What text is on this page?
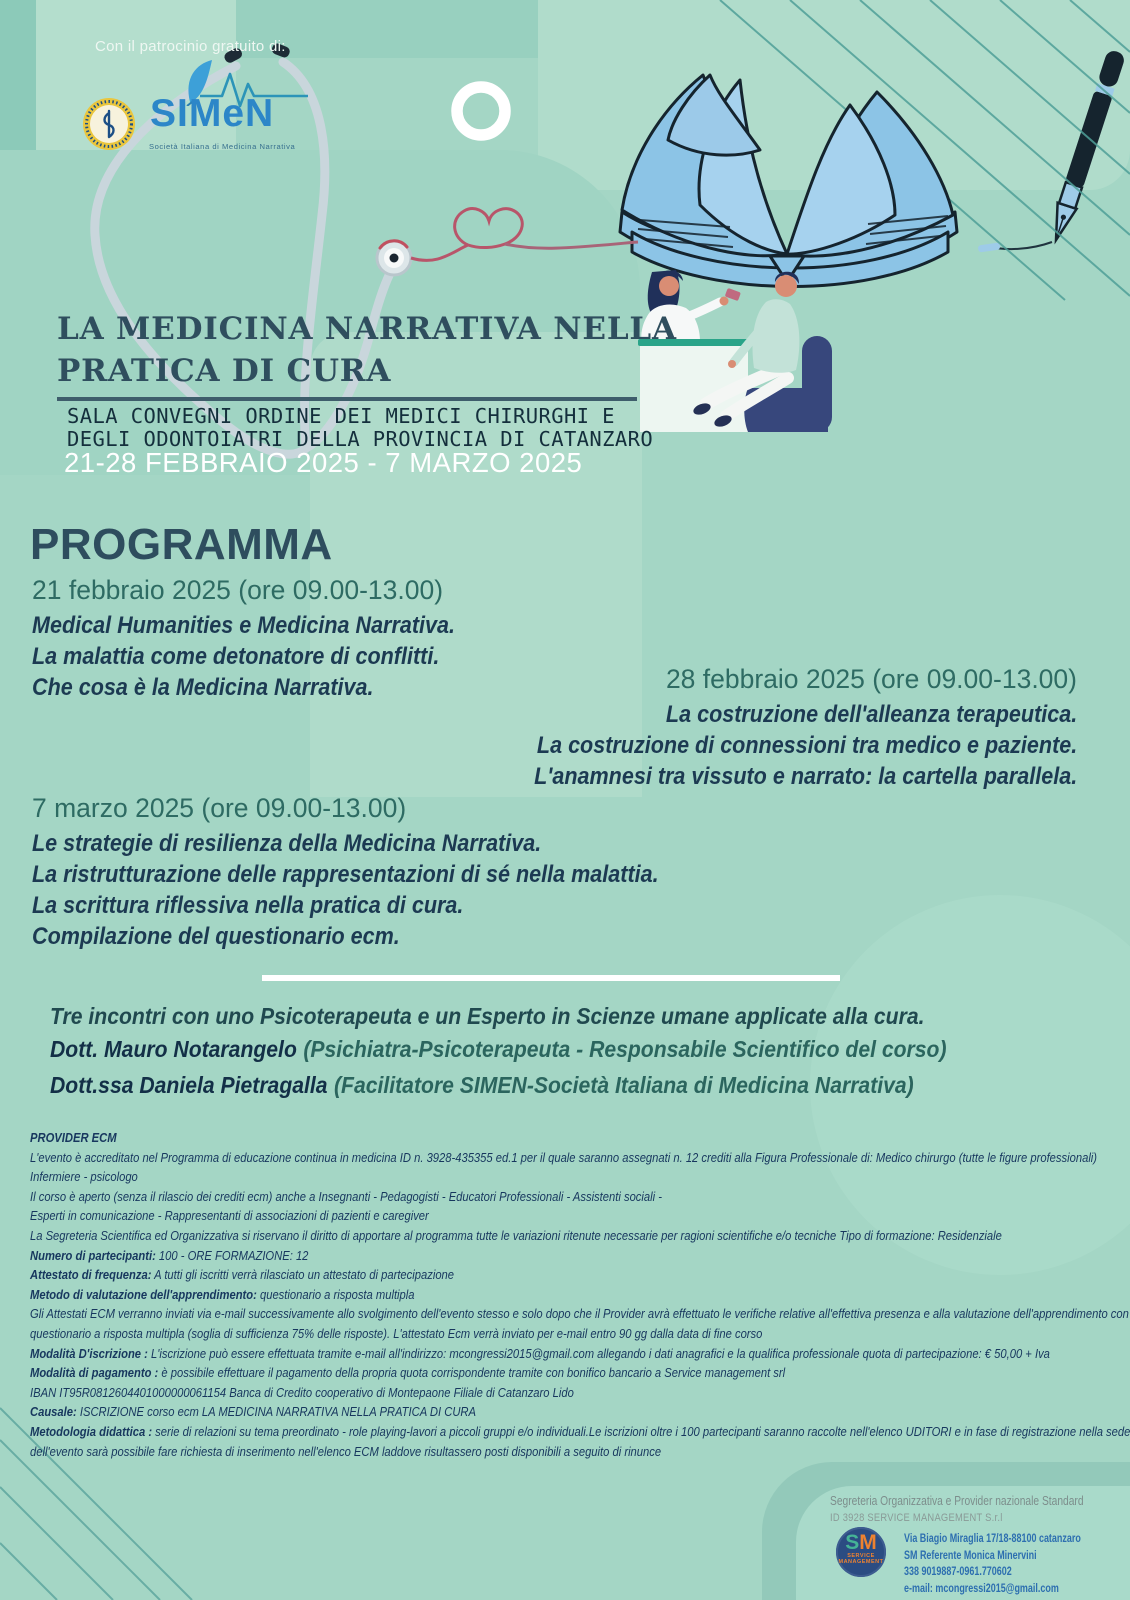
Con il patrocinio gratuito di:
SIMeN
Società Italiana di Medicina Narrativa
LA MEDICINA NARRATIVA NELLA
PRATICA DI CURA
SALA CONVEGNI ORDINE DEI MEDICI CHIRURGHI E
DEGLI ODONTOIATRI DELLA PROVINCIA DI CATANZARO
21-28 FEBBRAIO 2025 - 7 MARZO 2025
PROGRAMMA
21 febbraio 2025 (ore 09.00-13.00)
Medical Humanities e Medicina Narrativa.
La malattia come detonatore di conflitti.
Che cosa è la Medicina Narrativa.	28 febbraio 2025 (ore 09.00-13.00)
La costruzione dell'alleanza terapeutica.
La costruzione di connessioni tra medico e paziente.
L'anamnesi tra vissuto e narrato: la cartella parallela.
7 marzo 2025 (ore 09.00-13.00)
Le strategie di resilienza della Medicina Narrativa.
La ristrutturazione delle rappresentazioni di sé nella malattia.
La scrittura riflessiva nella pratica di cura.
Compilazione del questionario ecm.
Tre incontri con uno Psicoterapeuta e un Esperto in Scienze umane applicate alla cura.
Dott. Mauro Notarangelo (Psichiatra-Psicoterapeuta - Responsabile Scientifico del corso)
Dott.ssa Daniela Pietragalla (Facilitatore SIMEN-Società Italiana di Medicina Narrativa)
PROVIDER ECM
L'evento è accreditato nel Programma di educazione continua in medicina ID n. 3928-435355 ed.1 per il quale saranno assegnati n. 12 crediti alla Figura Professionale di: Medico chirurgo (tutte le figure professionali)
Infermiere - psicologo
Il corso è aperto (senza il rilascio dei crediti ecm) anche a Insegnanti - Pedagogisti - Educatori Professionali - Assistenti sociali -
Esperti in comunicazione - Rappresentanti di associazioni di pazienti e caregiver
La Segreteria Scientifica ed Organizzativa si riservano il diritto di apportare al programma tutte le variazioni ritenute necessarie per ragioni scientifiche e/o tecniche Tipo di formazione: Residenziale
Numero di partecipanti: 100 - ORE FORMAZIONE: 12
Attestato di frequenza: A tutti gli iscritti verrà rilasciato un attestato di partecipazione
Metodo di valutazione dell'apprendimento: questionario a risposta multipla
Gli Attestati ECM verranno inviati via e-mail successivamente allo svolgimento dell'evento stesso e solo dopo che il Provider avrà effettuato le verifiche relative all'effettiva presenza e alla valutazione dell'apprendimento con
questionario a risposta multipla (soglia di sufficienza 75% delle risposte). L'attestato Ecm verrà inviato per e-mail entro 90 gg dalla data di fine corso
Modalità D'iscrizione : L'iscrizione può essere effettuata tramite e-mail all'indirizzo: mcongressi2015@gmail.com allegando i dati anagrafici e la qualifica professionale quota di partecipazione: € 50,00 + Iva
Modalità di pagamento : è possibile effettuare il pagamento della propria quota corrispondente tramite con bonifico bancario a Service management srl
IBAN IT95R0812604401000000061154 Banca di Credito cooperativo di Montepaone Filiale di Catanzaro Lido
Causale: ISCRIZIONE corso ecm LA MEDICINA NARRATIVA NELLA PRATICA DI CURA
Metodologia didattica : serie di relazioni su tema preordinato - role playing-lavori a piccoli gruppi e/o individuali.Le iscrizioni oltre i 100 partecipanti saranno raccolte nell'elenco UDITORI e in fase di registrazione nella sede
dell'evento sarà possibile fare richiesta di inserimento nell'elenco ECM laddove risultassero posti disponibili a seguito di rinunce
Segreteria Organizzativa e Provider nazionale Standard
ID 3928 SERVICE MANAGEMENT S.r.l
SM
SERVICE
MANAGEMENT
Via Biagio Miraglia 17/18-88100 catanzaro
SM Referente Monica Minervini
338 9019887-0961.770602
e-mail: mcongressi2015@gmail.com
